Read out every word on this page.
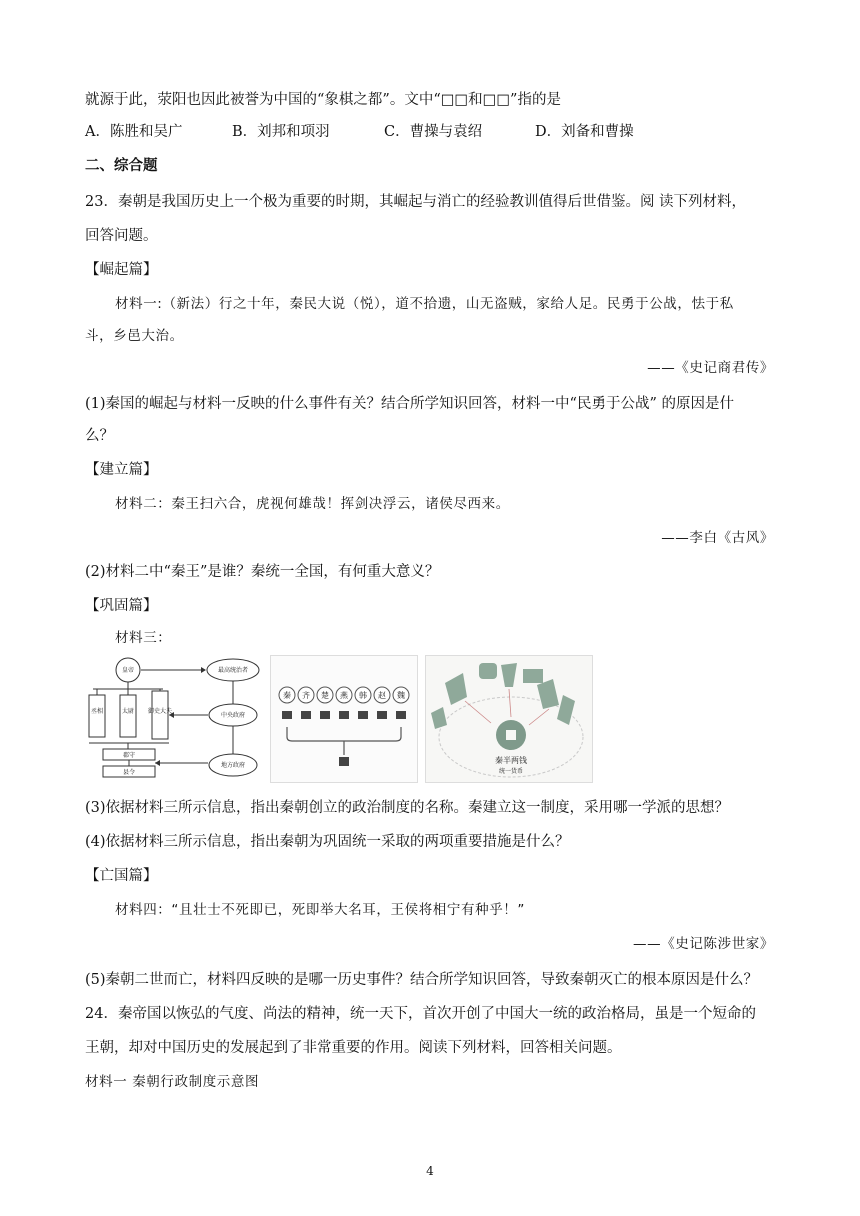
就源于此，荥阳也因此被誉为中国的“象棋之都”。文中“□□和□□”指的是
A．陈胜和吴广	B．刘邦和项羽	C．曹操与袁绍	D．刘备和曹操
二、综合题
23．秦朝是我国历史上一个极为重要的时期，其崛起与消亡的经验教训值得后世借鉴。阅 读下列材料，
回答问题。
【崛起篇】
材料一:（新法）行之十年，秦民大说（悦），道不拾遗，山无盗贼，家给人足。民勇于公战，怯于私
斗，乡邑大治。
——《史记商君传》
(1)秦国的崛起与材料一反映的什么事件有关？结合所学知识回答，材料一中“民勇于公战” 的原因是什
么？
【建立篇】
材料二：秦王扫六合，虎视何雄哉！挥剑决浮云，诸侯尽西来。
——李白《古风》
(2)材料二中“秦王”是谁？秦统一全国，有何重大意义？
【巩固篇】
材料三：
皇帝	最高统治者
丞相	太尉 御史大夫
中央政府
郡守
县令
地方政府
秦 齐 楚 燕 韩 赵 魏
秦半两钱
统一货币
(3)依据材料三所示信息，指出秦朝创立的政治制度的名称。秦建立这一制度，采用哪一学派的思想？
(4)依据材料三所示信息，指出秦朝为巩固统一采取的两项重要措施是什么？
【亡国篇】
材料四：“且壮士不死即已，死即举大名耳，王侯将相宁有种乎！”
——《史记陈涉世家》
(5)秦朝二世而亡，材料四反映的是哪一历史事件？结合所学知识回答，导致秦朝灭亡的根本原因是什么？
24．秦帝国以恢弘的气度、尚法的精神，统一天下，首次开创了中国大一统的政治格局，虽是一个短命的
王朝，却对中国历史的发展起到了非常重要的作用。阅读下列材料，回答相关问题。
材料一 秦朝行政制度示意图
4
